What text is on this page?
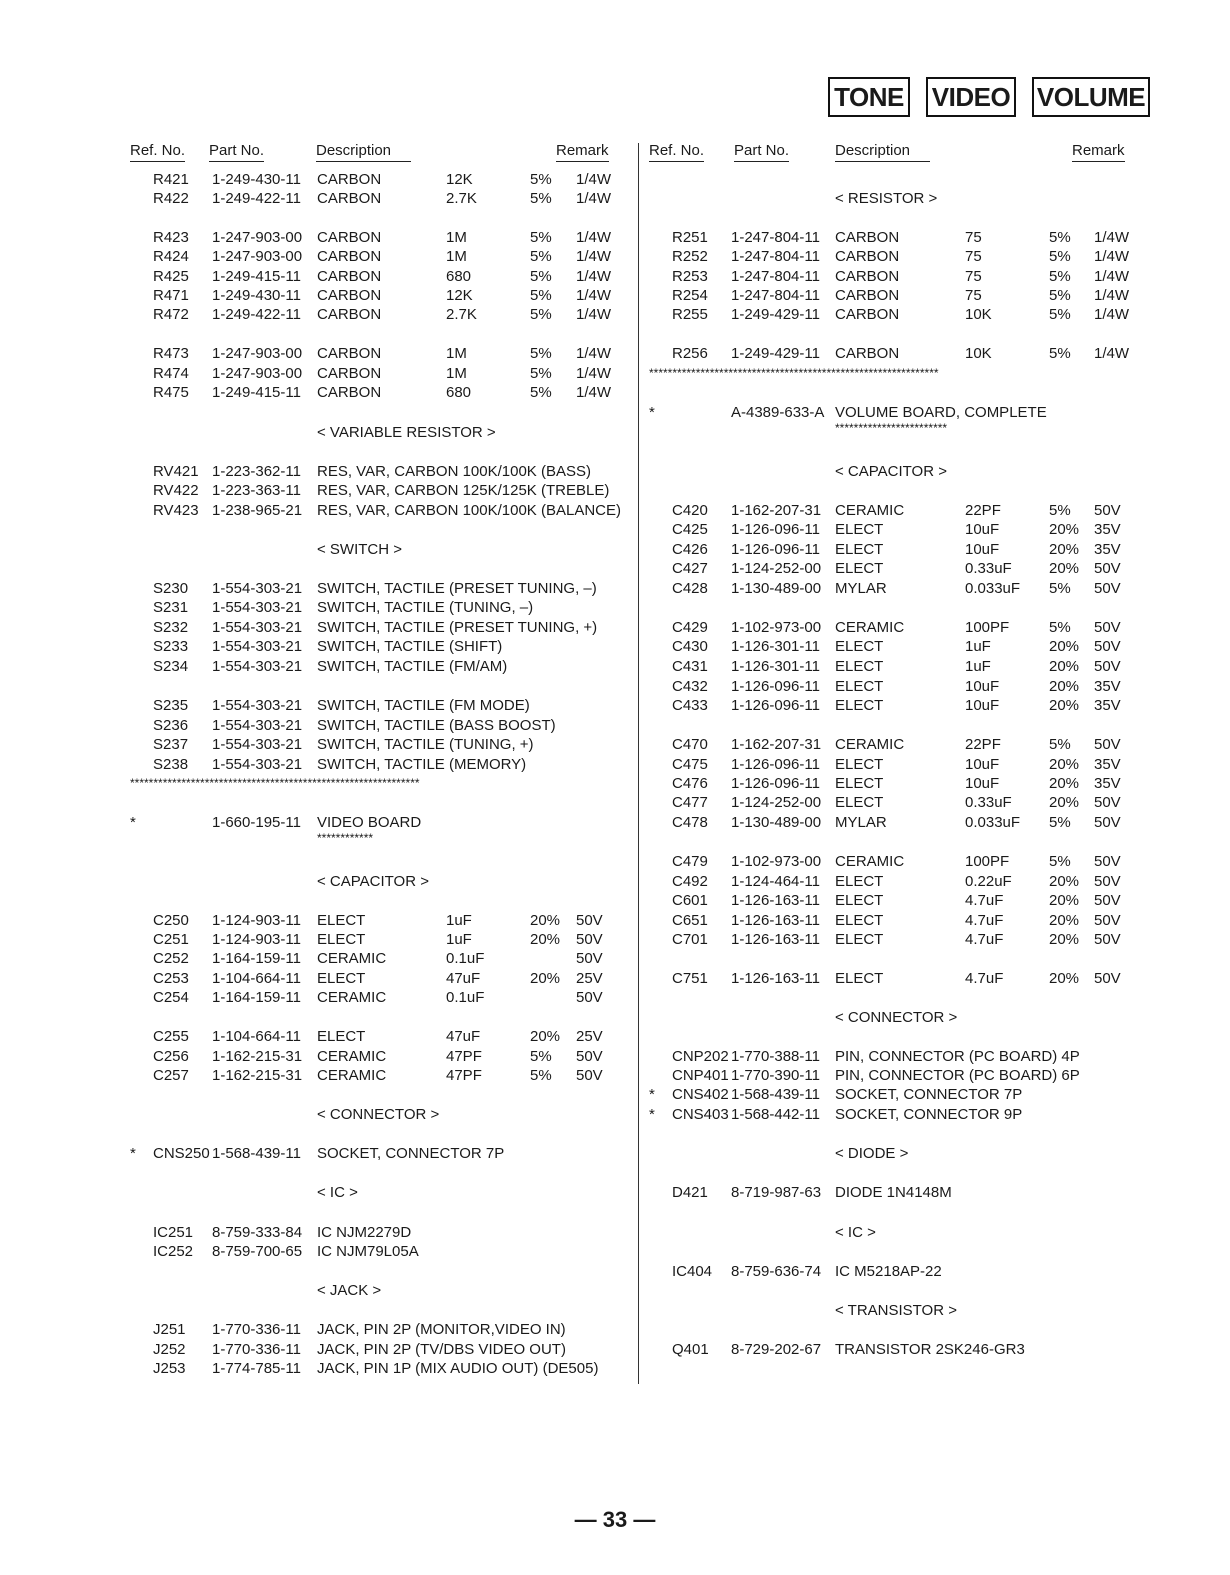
TONE VIDEO VOLUME
Ref. No. Part No.	Description	Remark	Ref. No. Part No.	Description	Remark
R421 1-249-430-11 CARBON	12K	5% 1/4W
R422 1-249-422-11 CARBON	2.7K	5% 1/4W
R423 1-247-903-00 CARBON	1M	5% 1/4W
R424 1-247-903-00 CARBON	1M	5% 1/4W
R425 1-249-415-11 CARBON	680	5% 1/4W
R471 1-249-430-11 CARBON	12K	5% 1/4W
R472 1-249-422-11 CARBON	2.7K	5% 1/4W
R473 1-247-903-00 CARBON	1M	5% 1/4W
R474 1-247-903-00 CARBON	1M	5% 1/4W
R475 1-249-415-11 CARBON	680	5% 1/4W
< VARIABLE RESISTOR >
RV421 1-223-362-11 RES, VAR, CARBON 100K/100K (BASS)
RV422 1-223-363-11 RES, VAR, CARBON 125K/125K (TREBLE)
RV423 1-238-965-21 RES, VAR, CARBON 100K/100K (BALANCE)
< SWITCH >
S230 1-554-303-21 SWITCH, TACTILE (PRESET TUNING, –)
S231 1-554-303-21 SWITCH, TACTILE (TUNING, –)
S232 1-554-303-21 SWITCH, TACTILE (PRESET TUNING, +)
S233 1-554-303-21 SWITCH, TACTILE (SHIFT)
S234 1-554-303-21 SWITCH, TACTILE (FM/AM)
S235 1-554-303-21 SWITCH, TACTILE (FM MODE)
S236 1-554-303-21 SWITCH, TACTILE (BASS BOOST)
S237 1-554-303-21 SWITCH, TACTILE (TUNING, +)
S238 1-554-303-21 SWITCH, TACTILE (MEMORY)
**************************************************************
*	1-660-195-11 VIDEO BOARD
************
< CAPACITOR >
C250 1-124-903-11 ELECT	1uF	20% 50V
C251 1-124-903-11 ELECT	1uF	20% 50V
C252 1-164-159-11 CERAMIC	0.1uF	50V
C253 1-104-664-11 ELECT	47uF	20% 25V
C254 1-164-159-11 CERAMIC	0.1uF	50V
C255 1-104-664-11 ELECT	47uF	20% 25V
C256 1-162-215-31 CERAMIC	47PF	5% 50V
C257 1-162-215-31 CERAMIC	47PF	5% 50V
< CONNECTOR >
* CNS250 1-568-439-11 SOCKET, CONNECTOR 7P
< IC >
IC251 8-759-333-84 IC NJM2279D
IC252 8-759-700-65 IC NJM79L05A
< JACK >
J251 1-770-336-11 JACK, PIN 2P (MONITOR,VIDEO IN)
J252 1-770-336-11 JACK, PIN 2P (TV/DBS VIDEO OUT)
J253 1-774-785-11 JACK, PIN 1P (MIX AUDIO OUT) (DE505)
< RESISTOR >
R251 1-247-804-11 CARBON	75	5% 1/4W
R252 1-247-804-11 CARBON	75	5% 1/4W
R253 1-247-804-11 CARBON	75	5% 1/4W
R254 1-247-804-11 CARBON	75	5% 1/4W
R255 1-249-429-11 CARBON	10K	5% 1/4W
R256 1-249-429-11 CARBON	10K	5% 1/4W
**************************************************************
*	A-4389-633-A VOLUME BOARD, COMPLETE
************************
< CAPACITOR >
C420 1-162-207-31 CERAMIC	22PF	5% 50V
C425 1-126-096-11 ELECT	10uF	20% 35V
C426 1-126-096-11 ELECT	10uF	20% 35V
C427 1-124-252-00 ELECT	0.33uF 20% 50V
C428 1-130-489-00 MYLAR	0.033uF 5% 50V
C429 1-102-973-00 CERAMIC	100PF	5% 50V
C430 1-126-301-11 ELECT	1uF	20% 50V
C431 1-126-301-11 ELECT	1uF	20% 50V
C432 1-126-096-11 ELECT	10uF	20% 35V
C433 1-126-096-11 ELECT	10uF	20% 35V
C470 1-162-207-31 CERAMIC	22PF	5% 50V
C475 1-126-096-11 ELECT	10uF	20% 35V
C476 1-126-096-11 ELECT	10uF	20% 35V
C477 1-124-252-00 ELECT	0.33uF 20% 50V
C478 1-130-489-00 MYLAR	0.033uF 5% 50V
C479 1-102-973-00 CERAMIC	100PF	5% 50V
C492 1-124-464-11 ELECT	0.22uF 20% 50V
C601 1-126-163-11 ELECT	4.7uF	20% 50V
C651 1-126-163-11 ELECT	4.7uF	20% 50V
C701 1-126-163-11 ELECT	4.7uF	20% 50V
C751 1-126-163-11 ELECT	4.7uF	20% 50V
< CONNECTOR >
CNP202 1-770-388-11 PIN, CONNECTOR (PC BOARD) 4P
CNP401 1-770-390-11 PIN, CONNECTOR (PC BOARD) 6P
* CNS402 1-568-439-11 SOCKET, CONNECTOR 7P
* CNS403 1-568-442-11 SOCKET, CONNECTOR 9P
< DIODE >
D421 8-719-987-63 DIODE 1N4148M
< IC >
IC404 8-759-636-74 IC M5218AP-22
< TRANSISTOR >
Q401 8-729-202-67 TRANSISTOR 2SK246-GR3
— 33 —
